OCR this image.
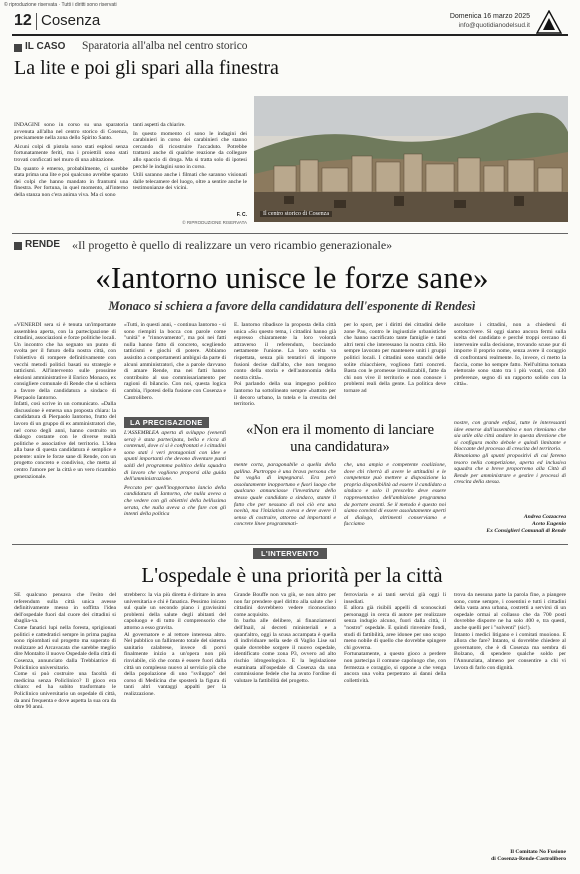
© riproduzione riservata · Tutti i diritti sono riservati
12 Cosenza	Domenica 16 marzo 2025
info@quotidianodelsud.it
IL CASO Sparatoria all'alba nel centro storico
La lite e poi gli spari alla finestra

INDAGINI sono in corso su una sparatoria avvenuta all'alba nel centro storico di Cosenza, precisamente nella zona dello Spirito Santo.

Alcuni colpi di pistola sono stati esplosi senza fortunatamente feriti, ma i proiettili sono stati trovati conficcati nel muro di una abitazione.

Da quanto è emerso, probabilmente, ci sarebbe stata prima una lite e poi qualcuno avrebbe sparato dei colpi che hanno mandato in frantumi una finestra. Per fortuna, in quel momento, all'interno della stanza non c'era anima viva. Ma ci sono

tanti aspetti da chiarire.

In questo momento ci sono le indagini dei carabinieri in corso dei carabinieri che stanno cercando di ricostruire l'accaduto. Potrebbe trattarsi anche di qualche reazione da collegare allo spaccio di droga. Ma si tratta solo di ipotesi perché le indagini sono in corso.

Utili saranno anche i filmati che saranno visionati dalle telecamere del luogo, oltre a sentire anche le testimonianze dei vicini.

F. C.
© RIPRODUZIONE RISERVATA
Il centro storico di Cosenza
RENDE «Il progetto è quello di realizzare un vero ricambio generazionale»
«Iantorno unisce le forze sane»
Monaco si schiera a favore della candidatura dell'esponente di Rendesì
«VENERDÌ sera si è tenuta un'importante assemblea aperta, con la partecipazione di cittadini, associazioni e forze politiche locali. Un incontro che ha segnato un punto di svolta per il futuro della nostra città, con l'obiettivo di rompere definitivamente con vecchi metodi politici basati su strategie e tatticismi. All'intervento sulle prossime elezioni amministrative il Enrico Monaco, ex consigliere comunale di Rende che si schiera a favore della candidatura a sindaco di Pierpaolo Iantorno.
Infatti, così scrive in un comunicato. «Dalla discussione è emersa una proposta chiara: la candidatura di Pierpaolo Iantorno, frutto del lavoro di un gruppo di ex amministratori che, nel corso degli anni, hanno costruito un dialogo costante con le diverse realtà politiche e associative del territorio. L'idea alla base di questa candidatura è semplice e potente: unire le forze sane di Rende, con un progetto concreto e condiviso, che metta al centro l'amore per la città e un vero ricambio generazionale.
«Tutti, in questi anni, - continua Iantorno - si sono riempiti la bocca con parole come "unità" e "rinnovamento", ma poi nei fatti nulla hanno fatto di concreto, scegliendo tatticismi e giochi di potere. Abbiamo assistito a comportamenti ambigui da parte di alcuni amministratori, che a parole davvano di amare Rende, ma nei fatti hanno contribuito al suo commissariamento per ragioni di bilancio. Con noi, questa logica cambia, l'ipotesi della fusione con Cosenza e Castrolibero.
E. Iantorno ribadisce la proposta della città unica «Su questo tema, i cittadini hanno già espresso chiaramente la loro volontà attraverso il referendum, bocciando nettamente l'unione. La loro scelta va rispettata, senza più tentativi di imporre fusioni decise dall'alto, che non tengono conto della storia e dell'autonomia della nostra città».
Poi parlando della sua impegno politico Iantorno ha sottolineato sempre «battuto per il decoro urbano, la tutela e la crescita del territorio.
per lo sport, per i diritti dei cittadini delle zone Pau, contro le ingiustizie urbanistiche che hanno sacrificato tante famiglie e tanti altri temi che interessano la nostra città. Ho sempre lavorato per mantenere uniti i gruppi politici locali. I cittadini sono stanchi delle solite chiacchiere, vogliono fatti concreti. Basta con le promesse irrealizzabili, fatte da chi non vive il territorio e non conosce i problemi reali della gente. La politica deve tornare ad
ascoltare i cittadini, non a chiedersi di sottoscrivere. Si oggi siamo ancora fermi sulla scelta del candidato e perché troppi cercano di intervenire sulla decisione, trovando scuse pur di imporre il proprio nome, senza avere il coraggio di confrontarsi realmente. Io, invece, ci metto la faccia, come ho sempre fatto. Nell'ultima tornata elettorale sono stato tra i più votati, con 430 preferenze, segno di un rapporto solido con la città».
LA PRECISAZIONE

L'ASSEMBLEA aperta di sviluppo (venerdì sera) è stata partecipata, bella e ricca di contenuti, dove ci si è confrontati e i cittadini sono stati i veri protagonisti con idee e spunti importanti che devono diventare punti saldi del programma politico della squadra di lavoro che vogliono proporsi alla guida dell'amministrazione.

Peccato per quell'inopportuno lancio della candidatura di Iantorno, che nulla aveva a che vedere con gli obiettivi della bellissima serata, che nulla aveva a che fare con gli intenti della politica

«Non era il momento di lanciare una candidatura»
mente corta, paragonabile a quella della gallina. Purtroppo è una brava persona che ha voglia di impegnarsi. Era però assolutamente inopportuno e fuori luogo che qualcuno annunciasse l'investitura dello stesso quale candidato a sindaco, stante il fatto che per nessuno di noi ciò era una novità, ma l'iniziativa aveva e deve avere il senso di costruire, attorno ad importanti e concrete linee programmati-
che, una ampia e competente coalizione, dove chi riterrà di avere le attitudini e le competenze può mettere a disposizione la propria disponibilità ad essere il candidato a sindaco e solo il prescelto deve essere rappresentativo dell'ambizione programma da portare avanti. Se il metodo è questo noi siamo convinti di essere assolutamente aperti al dialogo, altrimenti conserviamo e facciamo
nostre, con grande enfasi, tutte le interessanti idee emerse dall'assemblea e non riteniamo che sia utile alla città andare in questa direzione che si configura molto debole e quindi limitante e bloccante del processo di crescita del territorio.
Rimaniamo gli spunti propositivi di cui faremo tesoro nella competizione, aperta ed inclusiva squadra che a breve proporremo alla Città di Rende per amministrare e gestire i processi di crescita della stessa.
Andrea Cozzacrea
Aceto Eugenio
Ex Consiglieri Comunali di Rende
L'INTERVENTO
L'ospedale è una priorità per la città
SE qualcuno pensava che l'esito del referendum sulla città unica avesse definitivamente messo in soffitta l'idea dell'ospedale fuori dal cuore dei cittadini si sbaglia-va.
Come fanatici lupi nella foresta, sprigionati politici e cattedratici sempre in prima pagina sono ripiombati sul progetto ma superato di realizzare ad Arcavacata che sarebbe meglio dire Montalto il nuovo Ospedale della città di Cosenza, annunciato dalla Trebbiatrice di Policlinico universitario.
Come si può costruire una facoltà di medicina senza Policlinico? Il gioco era chiaro: ed ha subito trasformato le Policlinico universitario un ospedale di città, da anni frequenta e dove aspetta la sua ora da oltre 90 anni.
strebbero: la via più diretta è diritare in area universitaria e chi è fanatica. Pessimo inicato sul quale un secondo piano i gravissimi problemi della salute degli abitanti del capoluogo e di tutto il comprensorio che attorno a esso gravita.
Al governatore e al rettore interessa altro. Nel pubblico un fallimento totale del sistema sanitario calabrese, invece di porvi finalmente inizio a un'opera non più rinviabile, ciò che conta è essere fuori dalla città un complesso nuovo al servizio più che della popolazione di uno "sviluppo" del corso di Medicina che sposterà la figura di tanti altri vantaggi appalti per la realizzazione.
Grande Bouffe non va giù, se non altro per non far prendere quel diritto alla salute che i cittadini dovrebbero vedere riconosciuto come acquisito.
In barba alle delibere, ai finanziamenti dell'Inail, ai decreti ministeriali e a quant'altro, oggi la scusa accampata è quella di individuare nella sede di Vaglio Lise sul quale dovrebbe sorgere il nuovo ospedale, identificato come zona P3, ovvero ad alto rischio idrogeologico. E la legislazione esaminata all'ospedale di Cosenza da una commissione fedele che ha avuto l'ordine di valutare la fattibilità del progetto.
ferroviaria e ai tanti servizi già oggi li insediati.
E allora già risibili appelli di sconosciuti personaggi in cerca di autore per realizzare senza indugio alcuno, fuori dalla città, il "nostro" ospedale. E quindi rinvenire fondi, studi di fattibilità, aree idonee per uno scopo meno nobile di quello che dovrebbe spingere chi governa.
Fortunatamente, a questo gioco a perdere non partecipa il comune capoluogo che, con fermezza e coraggio, si oppone a che venga ancora una volta perpetrato ai danni della collettività.
trova da nessuna parte la parola fine, a piangere sono, come sempre, i cosentini e tutti i cittadini della vasta area urbana, costretti a servirsi di un ospedale ormai al collasso che da 700 posti dovrebbe disporre ne ha solo 400 e, tra questi, anche quelli per i "solventi" (sic!).
Intanto i medici litigano e i comitati muoiono. E allora che fare? Intanto, si dovrebbe chiedere al governatore, che è di Cosenza ma sembra di Bolzano, di spendere qualche soldo per l'Annunziata, almeno per consentire a chi vi lavora di farlo con dignità.
Il Comitato No Fusione
di Cosenza-Rende-Castrolibero
